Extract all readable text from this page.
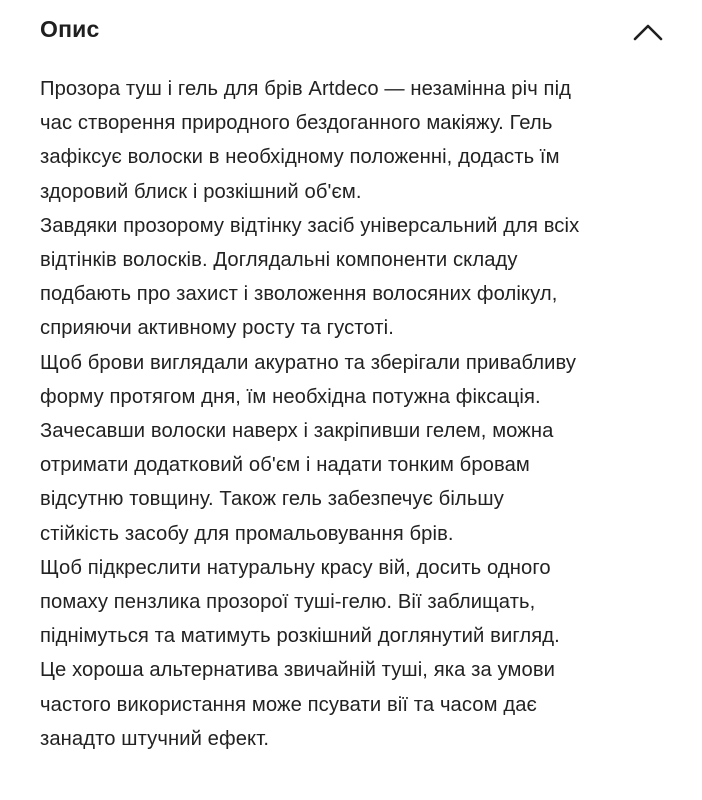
Опис

Прозора туш і гель для брів Artdeco — незамінна річ під

час створення природного бездоганного макіяжу. Гель

зафіксує волоски в необхідному положенні, додасть їм

здоровий блиск і розкішний об'єм.

Завдяки прозорому відтінку засіб універсальний для всіх

відтінків волосків. Доглядальні компоненти складу

подбають про захист і зволоження волосяних фолікул,

сприяючи активному росту та густоті.

Щоб брови виглядали акуратно та зберігали привабливу

форму протягом дня, їм необхідна потужна фіксація.

Зачесавши волоски наверх і закріпивши гелем, можна

отримати додатковий об'єм і надати тонким бровам

відсутню товщину. Також гель забезпечує більшу

стійкість засобу для промальовування брів.

Щоб підкреслити натуральну красу вій, досить одного

помаху пензлика прозорої туші-гелю. Вії заблищать,

піднімуться та матимуть розкішний доглянутий вигляд.

Це хороша альтернатива звичайній туші, яка за умови

частого використання може псувати вії та часом дає

занадто штучний ефект.
